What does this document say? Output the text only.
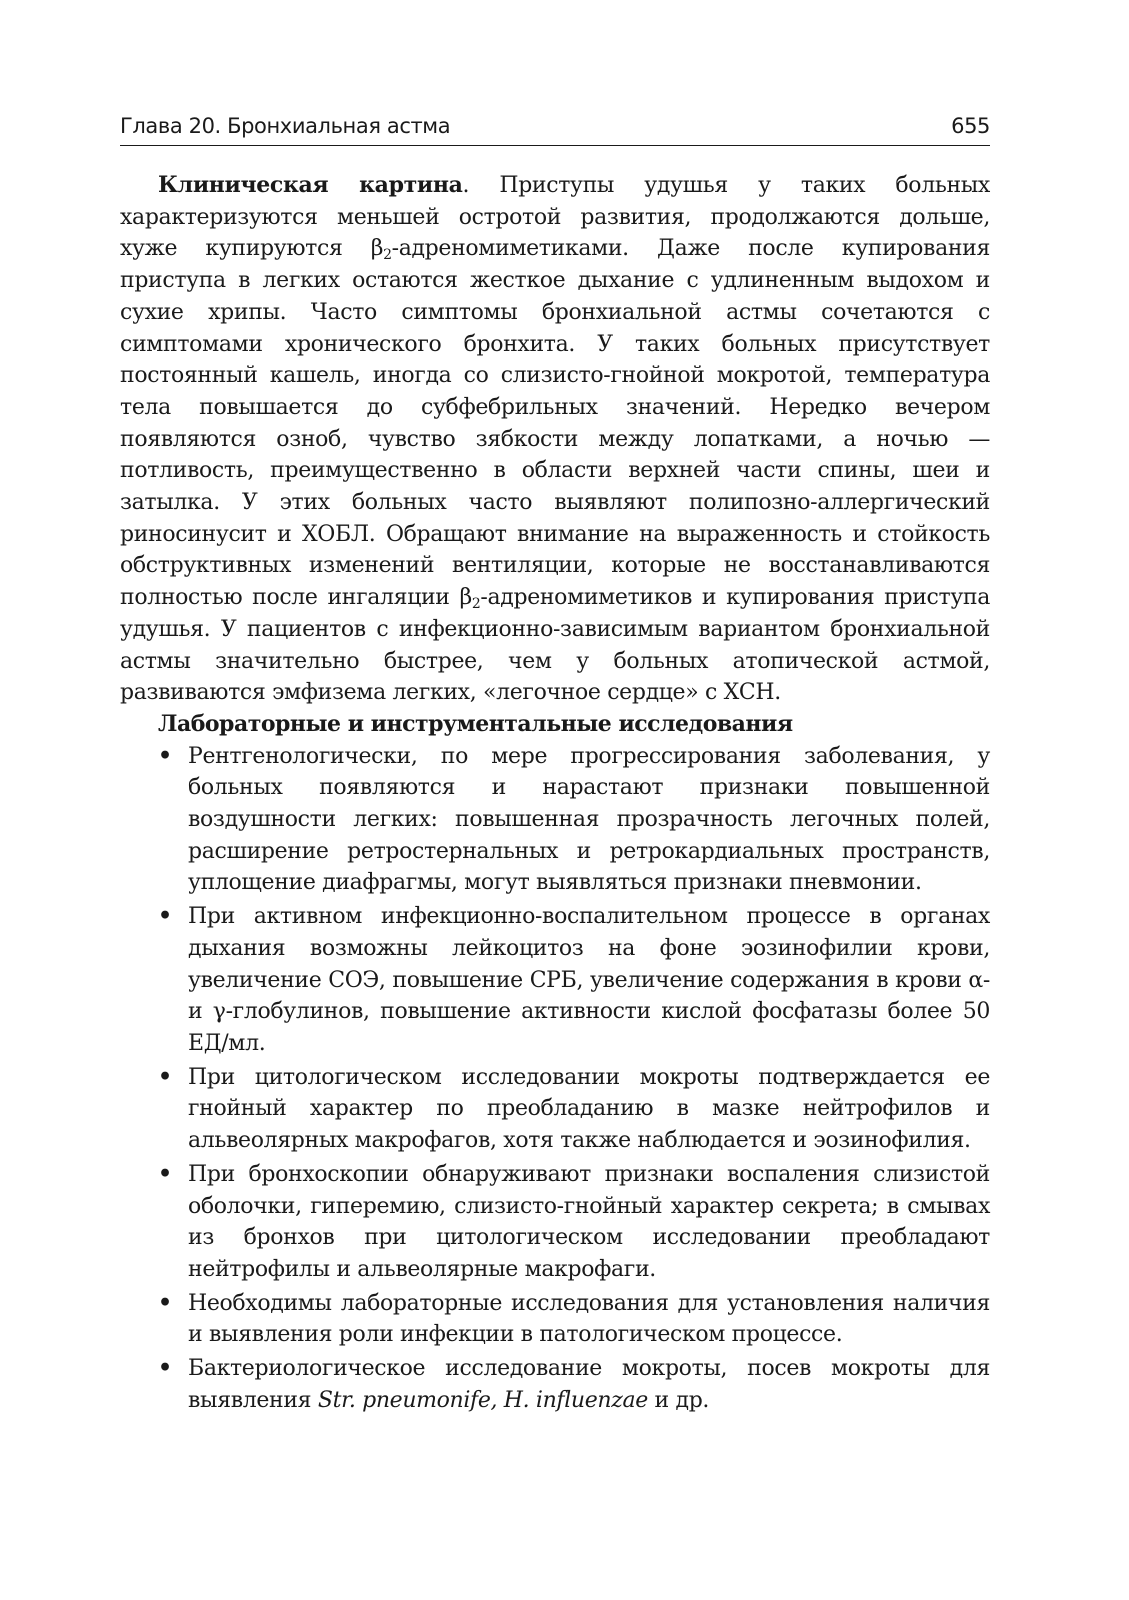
Глава 20. Бронхиальная астма	655

Клиническая картина. Приступы удушья у таких больных характеризуются меньшей остротой развития, продолжаются дольше, хуже купируются $\beta_2$-адреномиметиками. Даже после купирования приступа в легких остаются жесткое дыхание с удлиненным выдохом и сухие хрипы. Часто симптомы бронхиальной астмы сочетаются с симптомами хронического бронхита. У таких больных присутствует постоянный кашель, иногда со слизисто-гнойной мокротой, температура тела повышается до субфебрильных значений. Нередко вечером появляются озноб, чувство зябкости между лопатками, а ночью — потливость, преимущественно в области верхней части спины, шеи и затылка. У этих больных часто выявляют полипозно-аллергический риносинусит и ХОБЛ. Обращают внимание на выраженность и стойкость обструктивных изменений вентиляции, которые не восстанавливаются полностью после ингаляции $\beta_2$-адреномиметиков и купирования приступа удушья. У пациентов с инфекционно-зависимым вариантом бронхиальной астмы значительно быстрее, чем у больных атопической астмой, развиваются эмфизема легких, «легочное сердце» с ХСН.

Лабораторные и инструментальные исследования

• Рентгенологически, по мере прогрессирования заболевания, у больных появляются и нарастают признаки повышенной воздушности легких: повышенная прозрачность легочных полей, расширение ретростернальных и ретрокардиальных пространств, уплощение диафрагмы, могут выявляться признаки пневмонии.
• При активном инфекционно-воспалительном процессе в органах дыхания возможны лейкоцитоз на фоне эозинофилии крови, увеличение СОЭ, повышение СРБ, увеличение содержания в крови α- и γ-глобулинов, повышение активности кислой фосфатазы более 50 ЕД/мл.
• При цитологическом исследовании мокроты подтверждается ее гнойный характер по преобладанию в мазке нейтрофилов и альвеолярных макрофагов, хотя также наблюдается и эозинофилия.
• При бронхоскопии обнаруживают признаки воспаления слизистой оболочки, гиперемию, слизисто-гнойный характер секрета; в смывах из бронхов при цитологическом исследовании преобладают нейтрофилы и альвеолярные макрофаги.
• Необходимы лабораторные исследования для установления наличия и выявления роли инфекции в патологическом процессе.
• Бактериологическое исследование мокроты, посев мокроты для выявления Str. pneumonife, H. influenzae и др.
